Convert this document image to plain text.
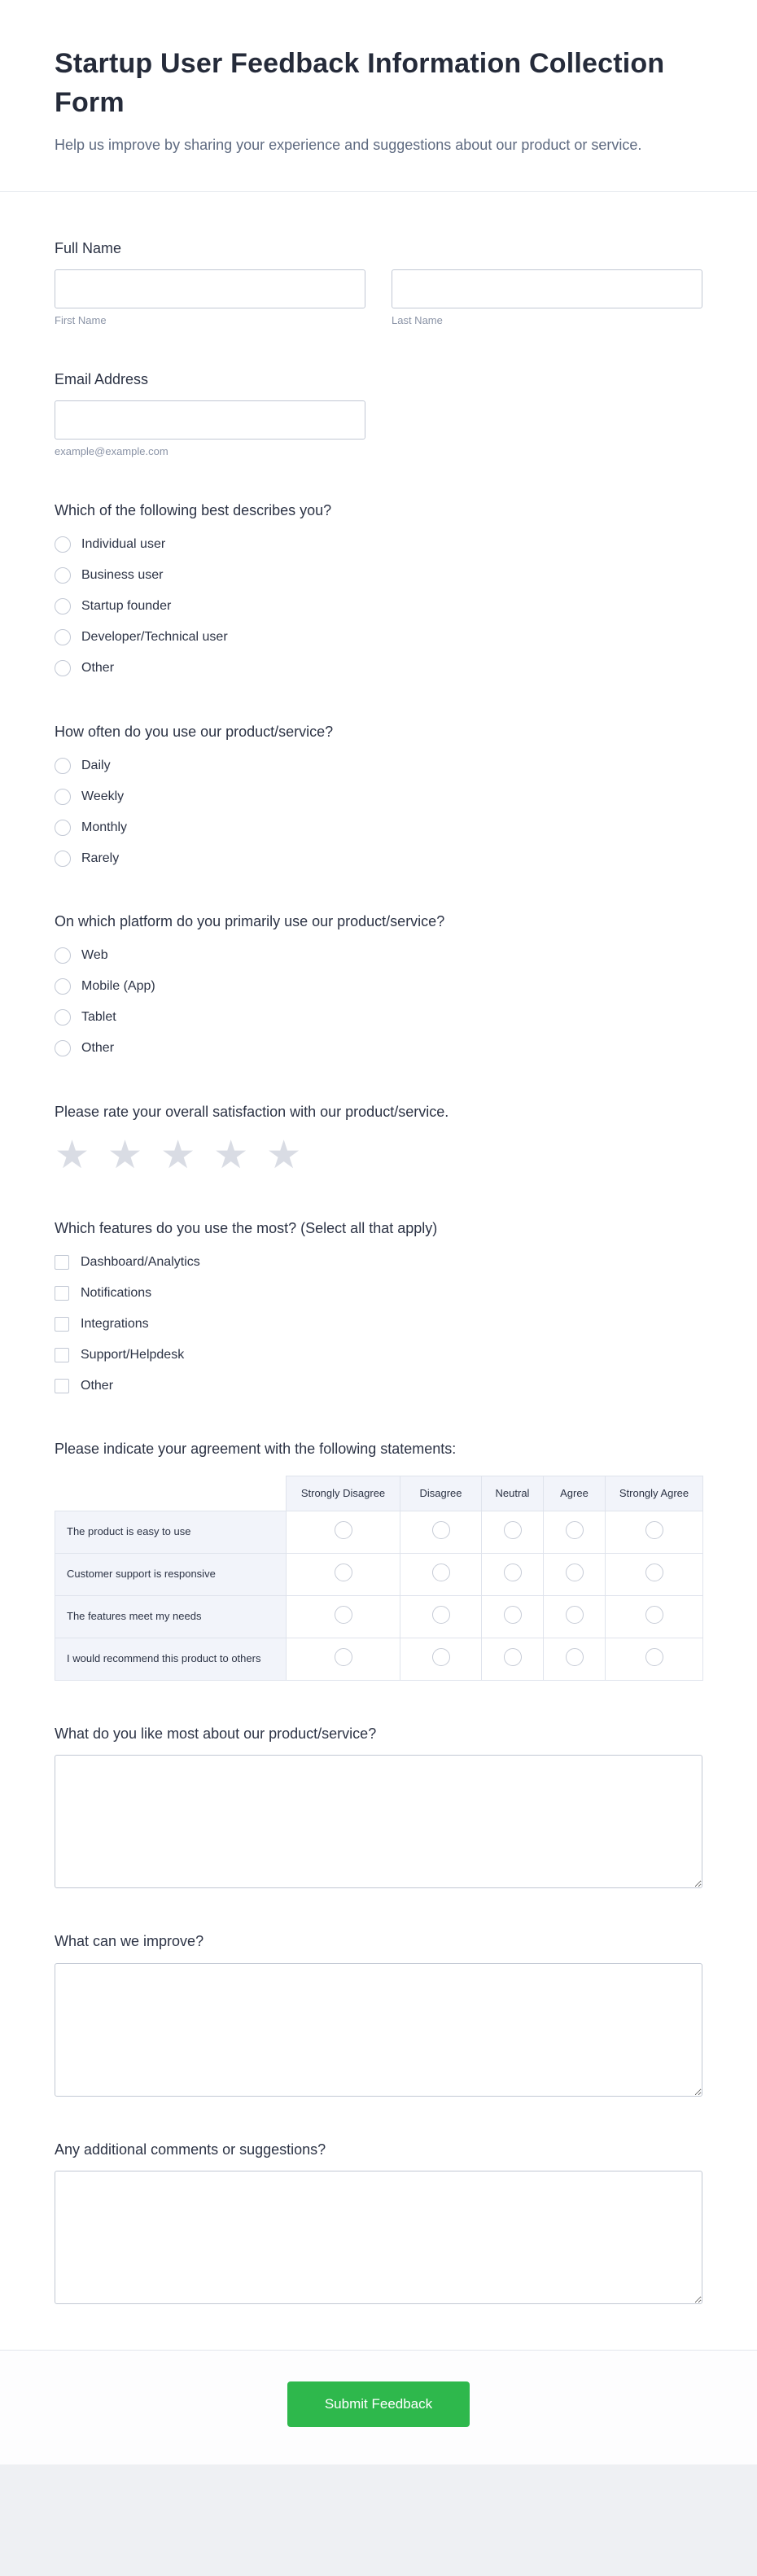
Startup User Feedback Information Collection Form
Help us improve by sharing your experience and suggestions about our product or service.
Full Name
First Name	Last Name
Email Address
example@example.com
Which of the following best describes you?
Individual user
Business user
Startup founder
Developer/Technical user
Other
How often do you use our product/service?
Daily
Weekly
Monthly
Rarely
On which platform do you primarily use our product/service?
Web
Mobile (App)
Tablet
Other
Please rate your overall satisfaction with our product/service.
★ ★ ★ ★ ★
Which features do you use the most? (Select all that apply)
Dashboard/Analytics
Notifications
Integrations
Support/Helpdesk
Other
Please indicate your agreement with the following statements:
	Strongly Disagree	Disagree	Neutral	Agree	Strongly Agree
The product is easy to use					
Customer support is responsive					
The features meet my needs					
I would recommend this product to others					
What do you like most about our product/service?
What can we improve?
Any additional comments or suggestions?
Submit Feedback
